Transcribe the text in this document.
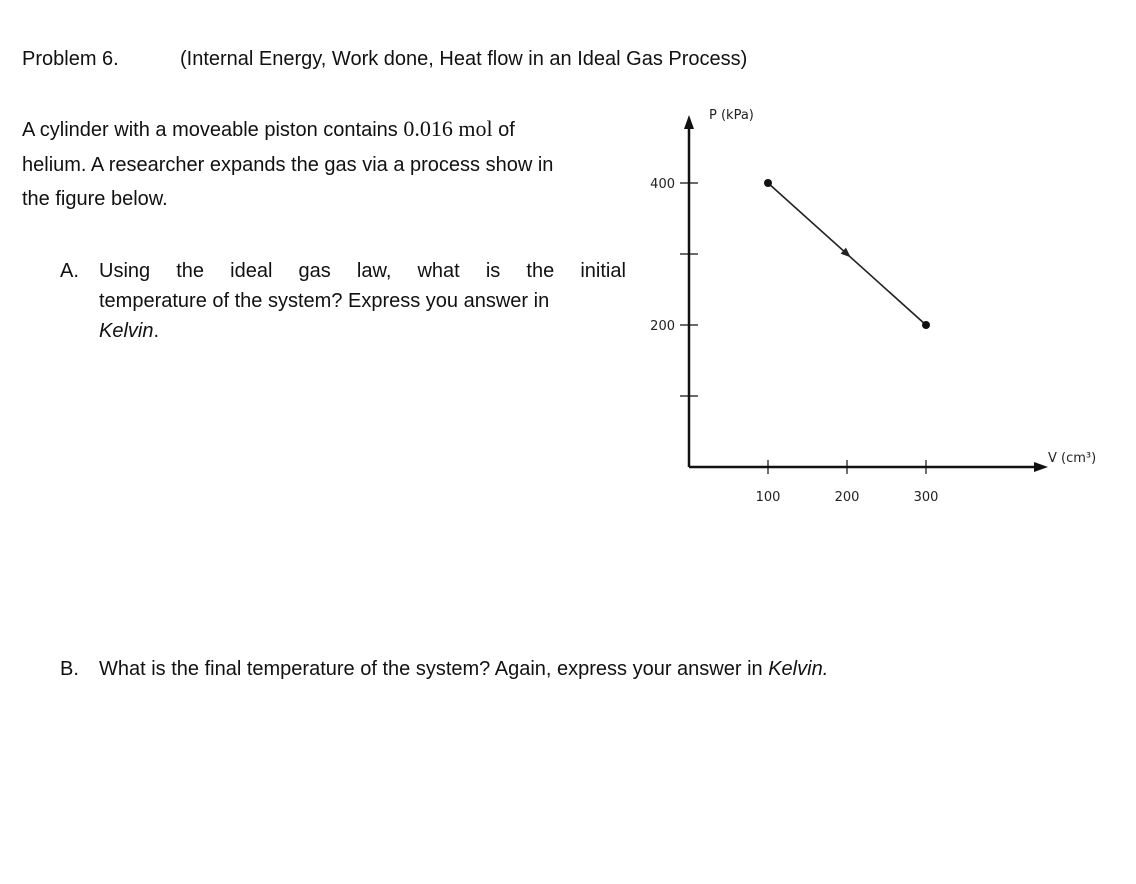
Problem 6.	(Internal Energy, Work done, Heat flow in an Ideal Gas Process)
A cylinder with a moveable piston contains 0.016 mol of
helium. A researcher expands the gas via a process show in
the figure below.
A. Using the ideal gas law, what is the initial
temperature of the system? Express you answer in
Kelvin.
B. What is the final temperature of the system? Again, express your answer in Kelvin.
P (kPa)
V (cm³)
100	200	300
200
400
